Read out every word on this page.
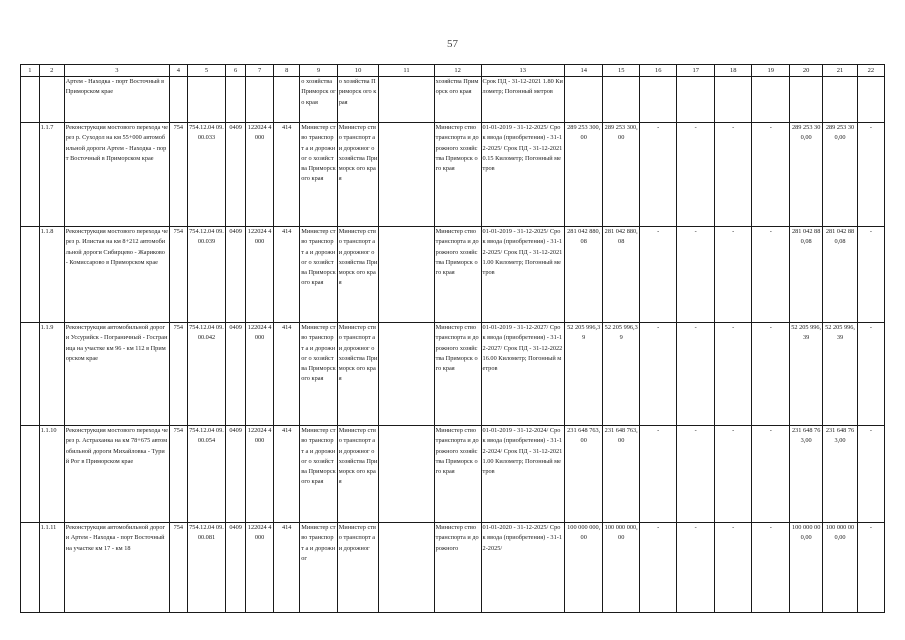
57
1	2	3	4	5	6	7	8	9	10	11	12	13	14	15	16	17	18	19	20	21	22
		Артем - Находка - порт Восточный в Приморском крае						о хозяйства Приморск ого края	о хозяйства Приморск ого края		хозяйства Приморск ого края	Срок ПД - 31-12-2021 1.80 Километр; Погонный метров									
	1.1.7	Реконструкция мостового перехода через р. Суходол на км 55+000 автомобильной дороги Артем - Находка - порт Восточный в Приморском крае	754	754.12.04 09.00.033	0409	122024 4000	414	Министер ство транспорт а и дорожног о хозяйства Приморск ого края	Министер ство транспорт а и дорожног о хозяйства Приморск ого края		Министер ство транспорта и дорожного хозяйства Приморск ого края	01-01-2019 - 31-12-2025/ Срок ввода (приобретения) - 31-12-2025/ Срок ПД - 31-12-2021 0.15 Километр; Погонный метров	289 253 300,00	289 253 300,00	-	-	-	-	289 253 300,00	289 253 300,00	-
	1.1.8	Реконструкция мостового перехода через р. Илистая на км 8+212 автомобильной дороги Сибирцево - Жариково - Комиссарово в Приморском крае	754	754.12.04 09.00.039	0409	122024 4000	414	Министер ство транспорт а и дорожног о хозяйства Приморск ого края	Министер ство транспорт а и дорожног о хозяйства Приморск ого края		Министер ство транспорта и дорожного хозяйства Приморск ого края	01-01-2019 - 31-12-2025/ Срок ввода (приобретения) - 31-12-2025/ Срок ПД - 31-12-2021 1.00 Километр; Погонный метров	281 042 880,08	281 042 880,08	-	-	-	-	281 042 880,08	281 042 880,08	-
	1.1.9	Реконструкция автомобильной дороги Уссурийск - Пограничный - Госграница на участке км 96 - км 112 в Приморском крае	754	754.12.04 09.00.042	0409	122024 4000	414	Министер ство транспорт а и дорожног о хозяйства Приморск ого края	Министер ство транспорт а и дорожног о хозяйства Приморск ого края		Министер ство транспорта и дорожного хозяйства Приморск ого края	01-01-2019 - 31-12-2027/ Срок ввода (приобретения) - 31-12-2027/ Срок ПД - 31-12-2022 16.00 Километр; Погонный метров	52 205 996,39	52 205 996,39	-	-	-	-	52 205 996,39	52 205 996,39	-
	1.1.10	Реконструкция мостового перехода через р. Астраханка на км 78+675 автомобильной дороги Михайловка - Турий Рог в Приморском крае	754	754.12.04 09.00.054	0409	122024 4000	414	Министер ство транспорт а и дорожног о хозяйства Приморск ого края	Министер ство транспорт а и дорожног о хозяйства Приморск ого края		Министер ство транспорта и дорожного хозяйства Приморск ого края	01-01-2019 - 31-12-2024/ Срок ввода (приобретения) - 31-12-2024/ Срок ПД - 31-12-2021 1.00 Километр; Погонный метров	231 648 763,00	231 648 763,00	-	-	-	-	231 648 763,00	231 648 763,00	-
	1.1.11	Реконструкция автомобильной дороги Артем - Находка - порт Восточный на участке км 17 - км 18	754	754.12.04 09.00.081	0409	122024 4000	414	Министер ство транспорт а и дорожног	Министер ство транспорт а и дорожног		Министер ство транспорта и дорожного	01-01-2020 - 31-12-2025/ Срок ввода (приобретения) - 31-12-2025/	100 000 000,00	100 000 000,00	-	-	-	-	100 000 000,00	100 000 000,00	-
